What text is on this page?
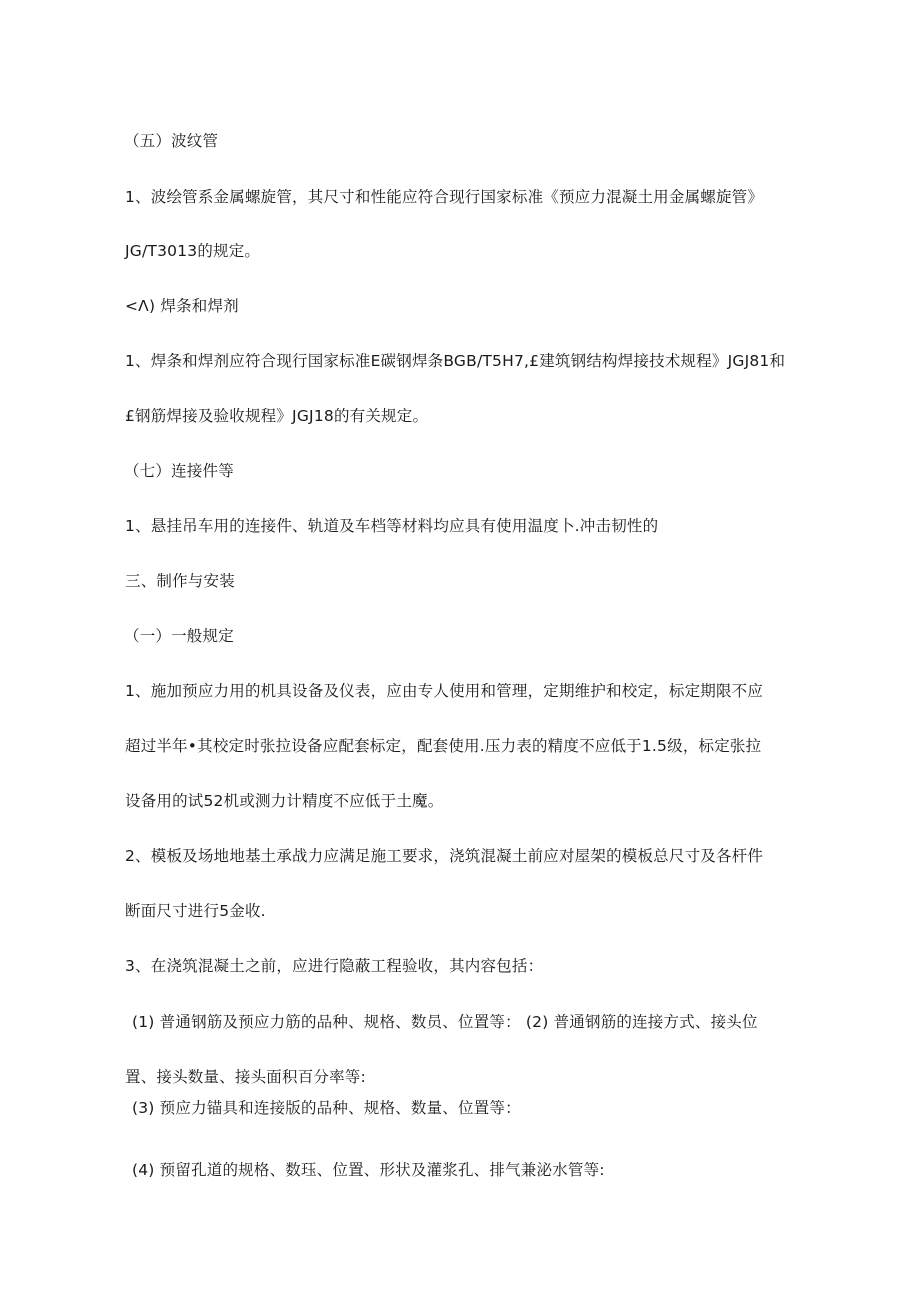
（五）波纹管
1、波绘管系金属螺旋管，其尺寸和性能应符合现行国家标准《预应力混凝土用金属螺旋管》
JG/T3013的规定。
<Λ) 焊条和焊剂
1、焊条和焊剂应符合现行国家标准E碳钢焊条BGB/T5H7,£建筑钢结构焊接技术规程》JGJ81和
£钢筋焊接及验收规程》JGJ18的有关规定。
（七）连接件等
1、悬挂吊车用的连接件、轨道及车档等材料均应具有使用温度卜.冲击韧性的
三、制作与安装
（一）一般规定
1、施加预应力用的机具设备及仪表，应由专人使用和管理，定期维护和校定，标定期限不应
超过半年•其校定时张拉设备应配套标定，配套使用.压力表的精度不应低于1.5级，标定张拉
设备用的试52机或测力计精度不应低于土魔。
2、模板及场地地基土承战力应满足施工要求，浇筑混凝土前应对屋架的模板总尺寸及各杆件
断面尺寸进行5金收.
3、在浇筑混凝土之前，应进行隐蔽工程验收，其内容包括：
(1) 普通钢筋及预应力筋的品种、规格、数员、位置等： (2) 普通钢筋的连接方式、接头位
置、接头数量、接头面积百分率等:
(3) 预应力锚具和连接版的品种、规格、数量、位置等：
(4) 预留孔道的规格、数珏、位置、形状及灌浆孔、排气兼泌水管等:
